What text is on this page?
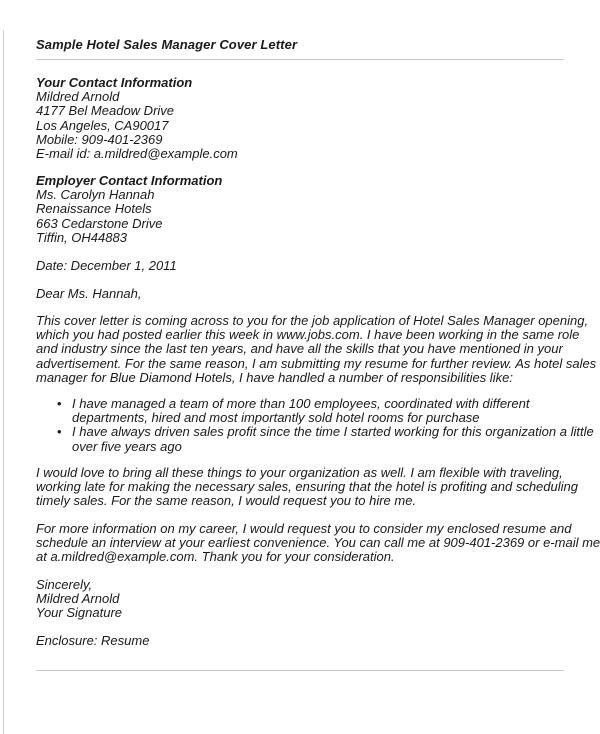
Sample Hotel Sales Manager Cover Letter
Your Contact Information
Mildred Arnold
4177 Bel Meadow Drive
Los Angeles, CA90017
Mobile: 909-401-2369
E-mail id: a.mildred@example.com
Employer Contact Information
Ms. Carolyn Hannah
Renaissance Hotels
663 Cedarstone Drive
Tiffin, OH44883
Date: December 1, 2011
Dear Ms. Hannah,
This cover letter is coming across to you for the job application of Hotel Sales Manager opening,
which you had posted earlier this week in www.jobs.com. I have been working in the same role
and industry since the last ten years, and have all the skills that you have mentioned in your
advertisement. For the same reason, I am submitting my resume for further review. As hotel sales
manager for Blue Diamond Hotels, I have handled a number of responsibilities like:
• I have managed a team of more than 100 employees, coordinated with different
departments, hired and most importantly sold hotel rooms for purchase
• I have always driven sales profit since the time I started working for this organization a little
over five years ago
I would love to bring all these things to your organization as well. I am flexible with traveling,
working late for making the necessary sales, ensuring that the hotel is profiting and scheduling
timely sales. For the same reason, I would request you to hire me.
For more information on my career, I would request you to consider my enclosed resume and
schedule an interview at your earliest convenience. You can call me at 909-401-2369 or e-mail me
at a.mildred@example.com. Thank you for your consideration.
Sincerely,
Mildred Arnold
Your Signature
Enclosure: Resume
